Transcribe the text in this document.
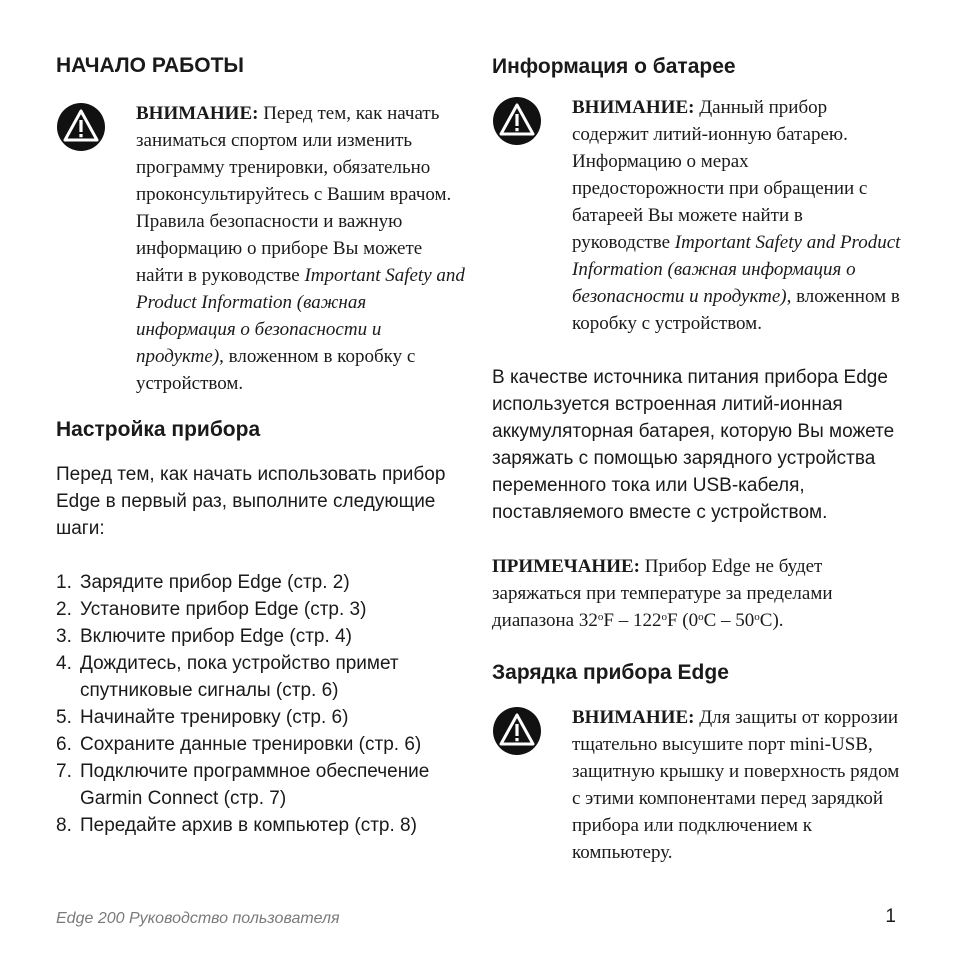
НАЧАЛО РАБОТЫ

ВНИМАНИЕ: Перед тем, как начать заниматься спортом или изменить программу тренировки, обязательно проконсультируйтесь с Вашим врачом. Правила безопасности и важную информацию о приборе Вы можете найти в руководстве Important Safety and Product Information (важная информация о безопасности и продукте), вложенном в коробку с устройством.

Настройка прибора

Перед тем, как начать использовать прибор Edge в первый раз, выполните следующие шаги:

1. Зарядите прибор Edge (стр. 2)
2. Установите прибор Edge (стр. 3)
3. Включите прибор Edge (стр. 4)
4. Дождитесь, пока устройство примет спутниковые сигналы (стр. 6)
5. Начинайте тренировку (стр. 6)
6. Сохраните данные тренировки (стр. 6)
7. Подключите программное обеспечение Garmin Connect (стр. 7)
8. Передайте архив в компьютер (стр. 8)
Информация о батарее

ВНИМАНИЕ: Данный прибор содержит литий-ионную батарею. Информацию о мерах предосторожности при обращении с батареей Вы можете найти в руководстве Important Safety and Product Information (важная информация о безопасности и продукте), вложенном в коробку с устройством.

В качестве источника питания прибора Edge используется встроенная литий-ионная аккумуляторная батарея, которую Вы можете заряжать с помощью зарядного устройства переменного тока или USB-кабеля, поставляемого вместе с устройством.

ПРИМЕЧАНИЕ: Прибор Edge не будет заряжаться при температуре за пределами диапазона 32$^o$F – 122$^o$F (0$^o$C – 50$^o$C).

Зарядка прибора Edge

ВНИМАНИЕ: Для защиты от коррозии тщательно высушите порт mini-USB, защитную крышку и поверхность рядом с этими компонентами перед зарядкой прибора или подключением к компьютеру.

Edge 200 Руководство пользователя	1
